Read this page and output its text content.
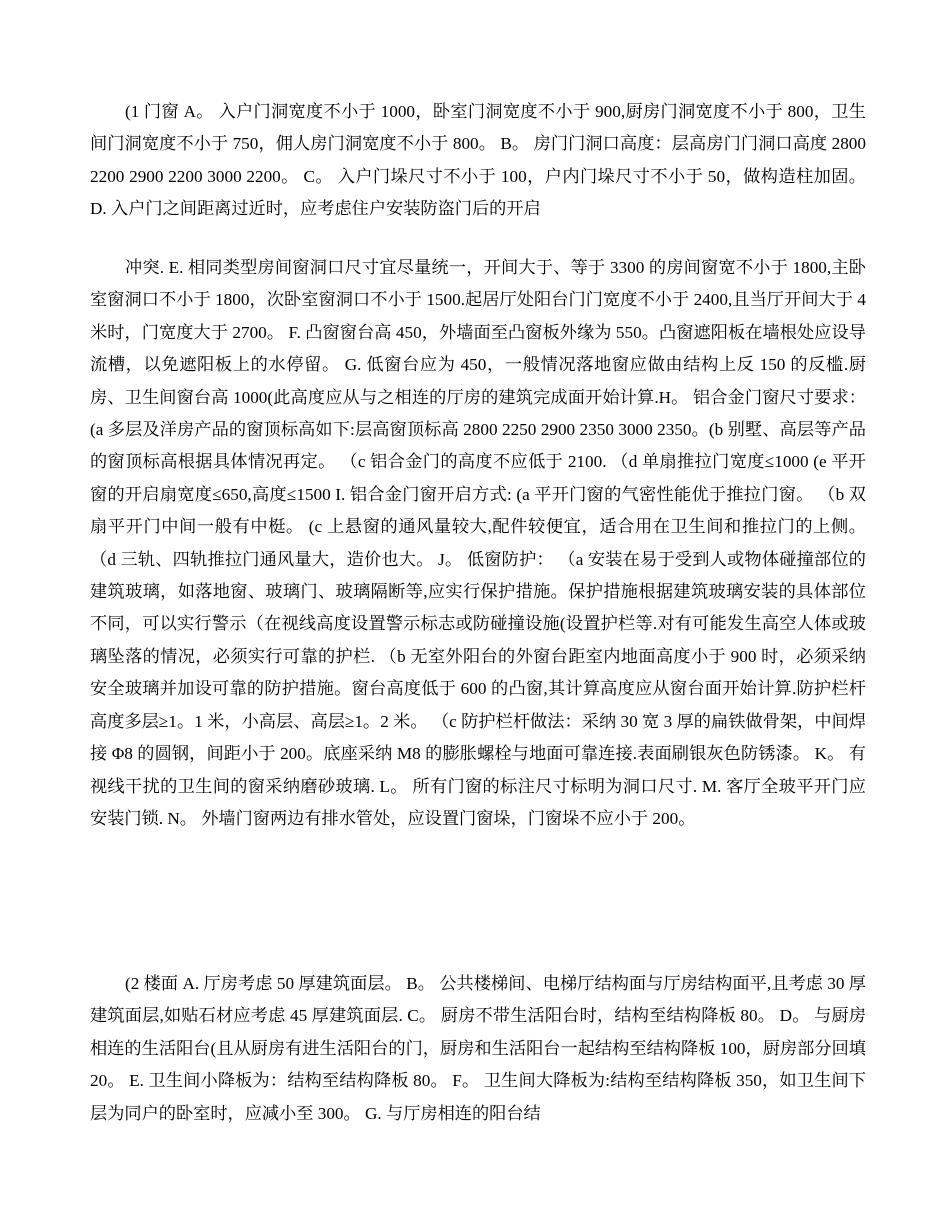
(1 门窗 A。 入户门洞宽度不小于 1000，卧室门洞宽度不小于 900,厨房门洞宽度不小于 800，卫生间门洞宽度不小于 750，佣人房门洞宽度不小于 800。 B。 房门门洞口高度：层高房门门洞口高度 2800 2200 2900 2200 3000 2200。 C。 入户门垛尺寸不小于 100，户内门垛尺寸不小于 50，做构造柱加固。 D. 入户门之间距离过近时，应考虑住户安装防盗门后的开启

冲突. E. 相同类型房间窗洞口尺寸宜尽量统一，开间大于、等于 3300 的房间窗宽不小于 1800,主卧室窗洞口不小于 1800，次卧室窗洞口不小于 1500.起居厅处阳台门门宽度不小于 2400,且当厅开间大于 4 米时，门宽度大于 2700。 F. 凸窗窗台高 450，外墙面至凸窗板外缘为 550。凸窗遮阳板在墙根处应设导流槽，以免遮阳板上的水停留。 G. 低窗台应为 450，一般情况落地窗应做由结构上反 150 的反槛.厨房、卫生间窗台高 1000(此高度应从与之相连的厅房的建筑完成面开始计算.H。 铝合金门窗尺寸要求： (a 多层及洋房产品的窗顶标高如下:层高窗顶标高 2800 2250 2900 2350 3000 2350。(b 别墅、高层等产品的窗顶标高根据具体情况再定。 （c 铝合金门的高度不应低于 2100. （d 单扇推拉门宽度≤1000 (e 平开窗的开启扇宽度≤650,高度≤1500 I. 铝合金门窗开启方式: (a 平开门窗的气密性能优于推拉门窗。 （b 双扇平开门中间一般有中梃。 (c 上悬窗的通风量较大,配件较便宜，适合用在卫生间和推拉门的上侧。 （d 三轨、四轨推拉门通风量大，造价也大。 J。 低窗防护： （a 安装在易于受到人或物体碰撞部位的建筑玻璃，如落地窗、玻璃门、玻璃隔断等,应实行保护措施。保护措施根据建筑玻璃安装的具体部位不同，可以实行警示（在视线高度设置警示标志或防碰撞设施(设置护栏等.对有可能发生高空人体或玻璃坠落的情况，必须实行可靠的护栏. （b 无室外阳台的外窗台距室内地面高度小于 900 时，必须采纳安全玻璃并加设可靠的防护措施。窗台高度低于 600 的凸窗,其计算高度应从窗台面开始计算.防护栏杆高度多层≥1。1 米，小高层、高层≥1。2 米。 （c 防护栏杆做法：采纳 30 宽 3 厚的扁铁做骨架，中间焊接 Φ8 的圆钢，间距小于 200。底座采纳 M8 的膨胀螺栓与地面可靠连接.表面刷银灰色防锈漆。 K。 有视线干扰的卫生间的窗采纳磨砂玻璃. L。 所有门窗的标注尺寸标明为洞口尺寸. M. 客厅全玻平开门应安装门锁. N。 外墙门窗两边有排水管处，应设置门窗垛，门窗垛不应小于 200。

(2 楼面 A. 厅房考虑 50 厚建筑面层。 B。 公共楼梯间、电梯厅结构面与厅房结构面平,且考虑 30 厚建筑面层,如贴石材应考虑 45 厚建筑面层. C。 厨房不带生活阳台时，结构至结构降板 80。 D。 与厨房相连的生活阳台(且从厨房有进生活阳台的门，厨房和生活阳台一起结构至结构降板 100，厨房部分回填 20。 E. 卫生间小降板为：结构至结构降板 80。 F。 卫生间大降板为:结构至结构降板 350，如卫生间下层为同户的卧室时，应减小至 300。 G. 与厅房相连的阳台结
